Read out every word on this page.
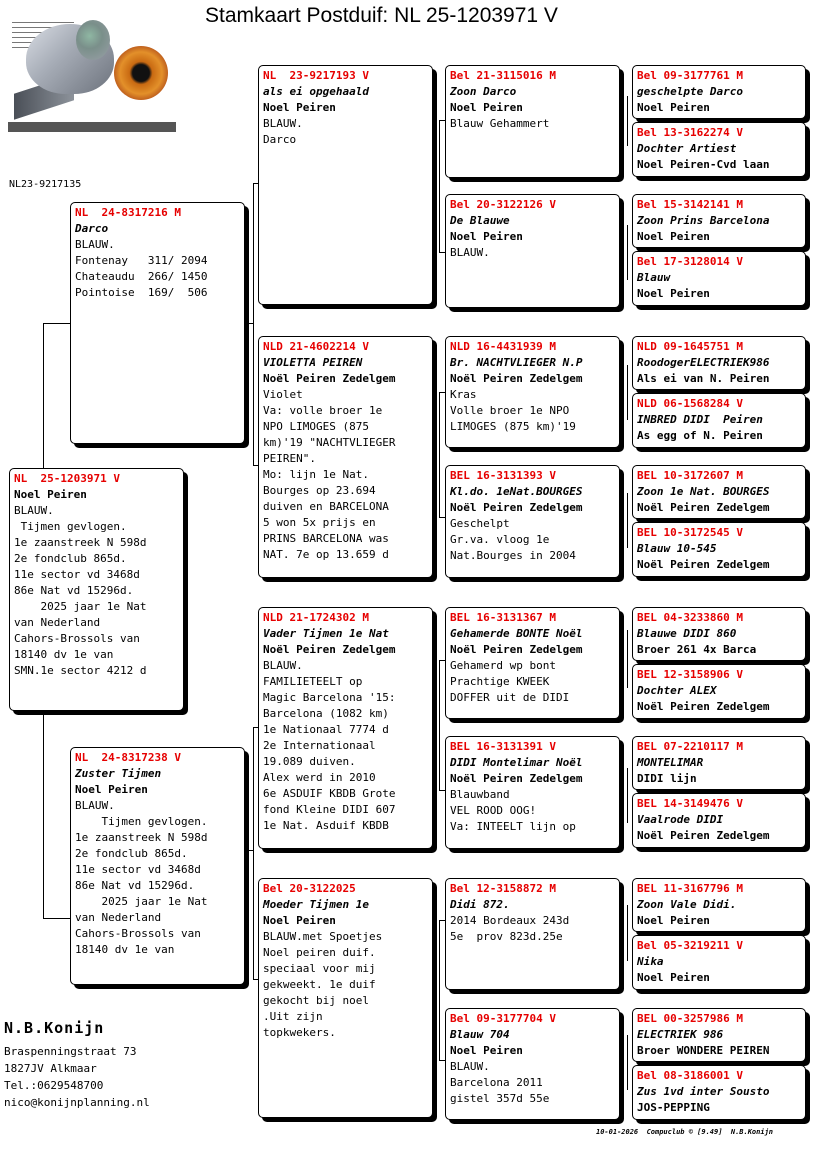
Stamkaart Postduif: NL 25-1203971 V
NL23-9217135
NL  25-1203971 V
Noel Peiren
BLAUW.
Tijmen gevlogen.
1e zaanstreek N 598d
2e fondclub 865d.
11e sector vd 3468d
86e Nat vd 15296d.
2025 jaar 1e Nat
van Nederland
Cahors-Brossols van
18140 dv 1e van
SMN.1e sector 4212 d
NL  24-8317216 M
Darco
BLAUW.
Fontenay   311/ 2094
Chateaudu  266/ 1450
Pointoise  169/  506
NL  24-8317238 V
Zuster Tijmen
Noel Peiren
BLAUW.
Tijmen gevlogen.
1e zaanstreek N 598d
2e fondclub 865d.
11e sector vd 3468d
86e Nat vd 15296d.
2025 jaar 1e Nat
van Nederland
Cahors-Brossols van
18140 dv 1e van
NL  23-9217193 V
als ei opgehaald
Noel Peiren
BLAUW.
Darco
NLD 21-4602214 V
VIOLETTA PEIREN
Noël Peiren Zedelgem
Violet
Va: volle broer 1e
NPO LIMOGES (875
km)'19 "NACHTVLIEGER
PEIREN".
Mo: lijn 1e Nat.
Bourges op 23.694
duiven en BARCELONA
5 won 5x prijs en
PRINS BARCELONA was
NAT. 7e op 13.659 d
NLD 21-1724302 M
Vader Tijmen 1e Nat
Noël Peiren Zedelgem
BLAUW.
FAMILIETEELT op
Magic Barcelona '15:
Barcelona (1082 km)
1e Nationaal 7774 d
2e Internationaal
19.089 duiven.
Alex werd in 2010
6e ASDUIF KBDB Grote
fond Kleine DIDI 607
1e Nat. Asduif KBDB
Bel 20-3122025
Moeder Tijmen 1e
Noel Peiren
BLAUW.met Spoetjes
Noel peiren duif.
speciaal voor mij
gekweekt. 1e duif
gekocht bij noel
.Uit zijn
topkwekers.
Bel 21-3115016 M
Zoon Darco
Noel Peiren
Blauw Gehammert
Bel 20-3122126 V
De Blauwe
Noel Peiren
BLAUW.
NLD 16-4431939 M
Br. NACHTVLIEGER N.P
Noël Peiren Zedelgem
Kras
Volle broer 1e NPO
LIMOGES (875 km)'19
BEL 16-3131393 V
Kl.do. 1eNat.BOURGES
Noël Peiren Zedelgem
Geschelpt
Gr.va. vloog 1e
Nat.Bourges in 2004
BEL 16-3131367 M
Gehamerde BONTE Noël
Noël Peiren Zedelgem
Gehamerd wp bont
Prachtige KWEEK
DOFFER uit de DIDI
BEL 16-3131391 V
DIDI Montelimar Noël
Noël Peiren Zedelgem
Blauwband
VEL ROOD OOG!
Va: INTEELT lijn op
Bel 12-3158872 M
Didi 872.
2014 Bordeaux 243d
5e  prov 823d.25e
Bel 09-3177704 V
Blauw 704
Noel Peiren
BLAUW.
Barcelona 2011
gistel 357d 55e
Bel 09-3177761 M
geschelpte Darco
Noel Peiren
Bel 13-3162274 V
Dochter Artiest
Noel Peiren-Cvd laan
Bel 15-3142141 M
Zoon Prins Barcelona
Noel Peiren
Bel 17-3128014 V
Blauw
Noel Peiren
NLD 09-1645751 M
RoodogerELECTRIEK986
Als ei van N. Peiren
NLD 06-1568284 V
INBRED DIDI  Peiren
As egg of N. Peiren
BEL 10-3172607 M
Zoon 1e Nat. BOURGES
Noël Peiren Zedelgem
BEL 10-3172545 V
Blauw 10-545
Noël Peiren Zedelgem
BEL 04-3233860 M
Blauwe DIDI 860
Broer 261 4x Barca
BEL 12-3158906 V
Dochter ALEX
Noël Peiren Zedelgem
BEL 07-2210117 M
MONTELIMAR
DIDI lijn
BEL 14-3149476 V
Vaalrode DIDI
Noël Peiren Zedelgem
BEL 11-3167796 M
Zoon Vale Didi.
Noel Peiren
Bel 05-3219211 V
Nika
Noel Peiren
BEL 00-3257986 M
ELECTRIEK 986
Broer WONDERE PEIREN
Bel 08-3186001 V
Zus 1vd inter Sousto
JOS-PEPPING
N.B.Konijn
Braspenningstraat 73
1827JV Alkmaar
Tel.:0629548700
nico@konijnplanning.nl
10-01-2026  Compuclub © [9.49]  N.B.Konijn
